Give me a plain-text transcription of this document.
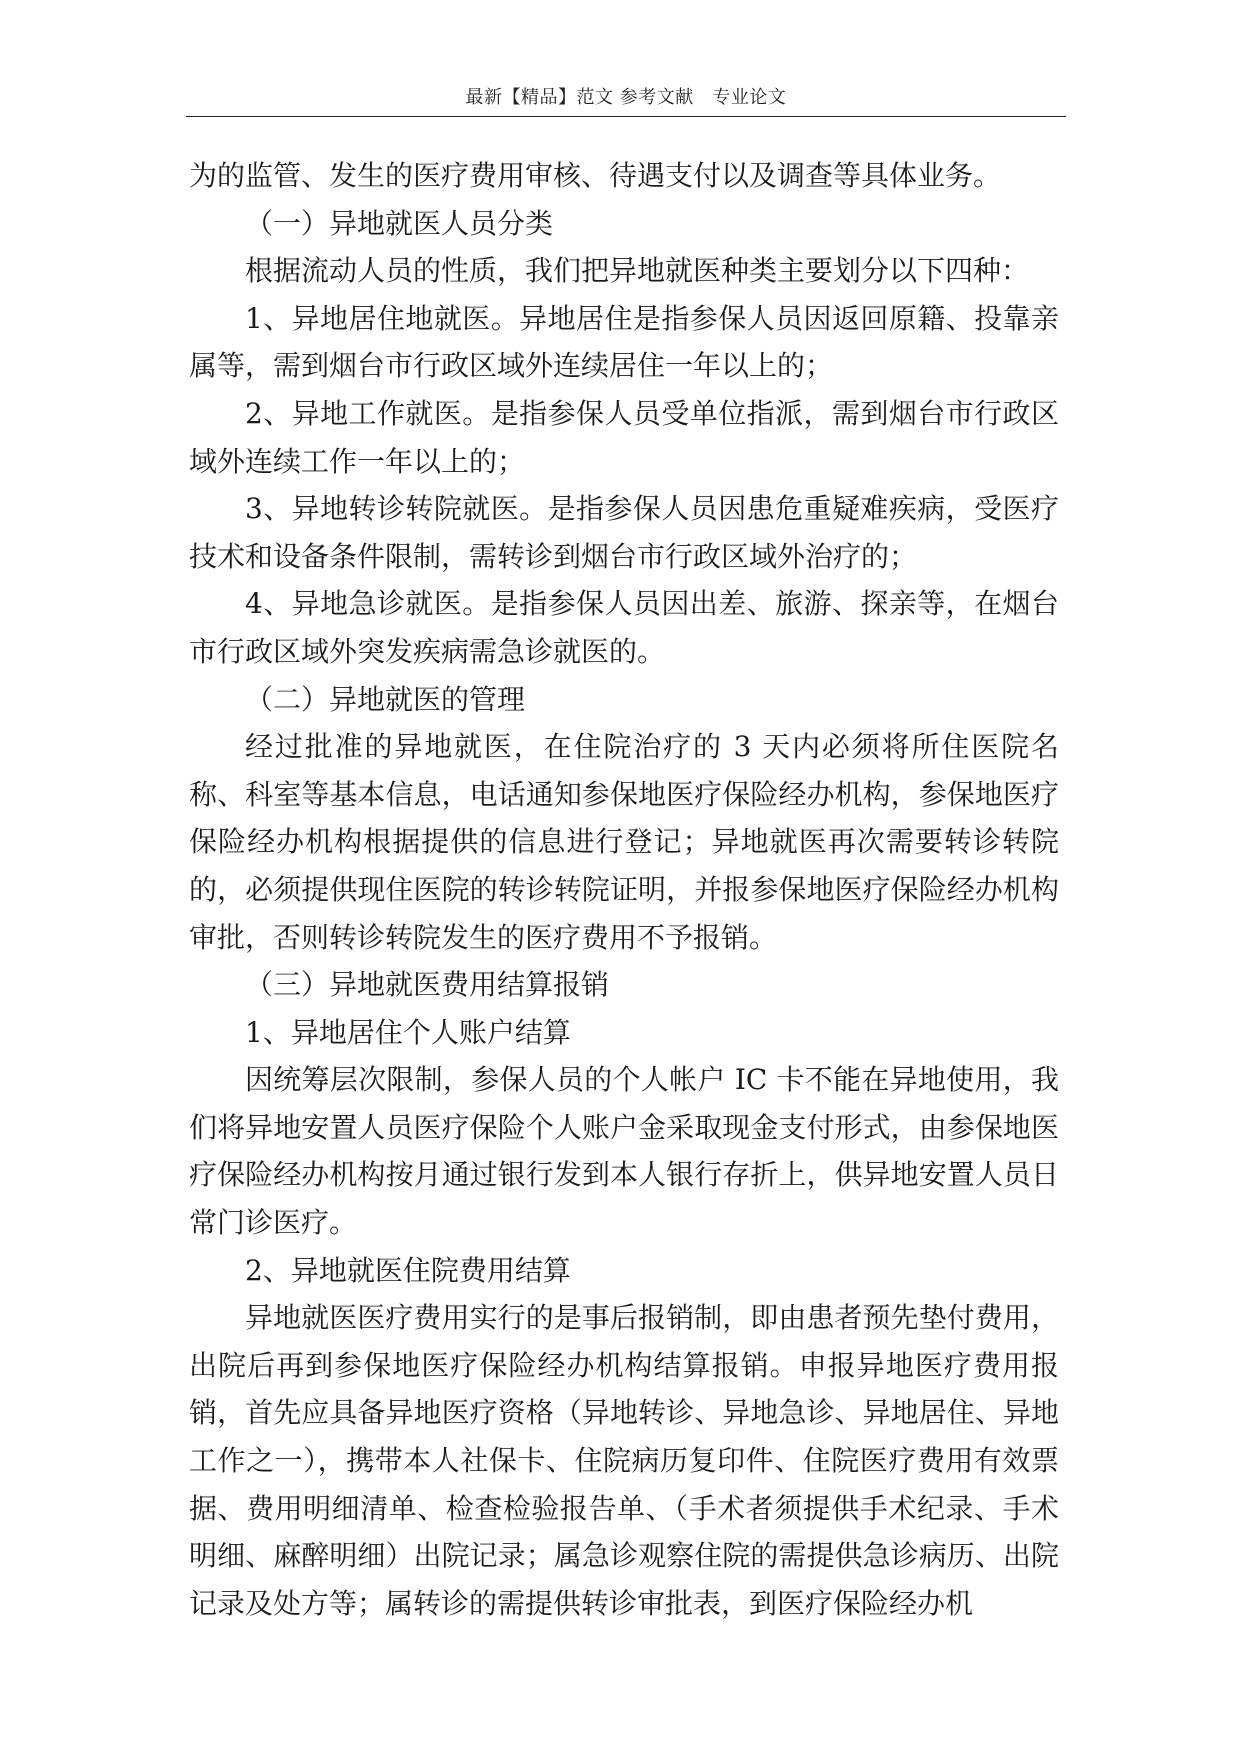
最新【精品】范文 参考文献   专业论文

为的监管、发生的医疗费用审核、待遇支付以及调查等具体业务。

（一）异地就医人员分类

根据流动人员的性质，我们把异地就医种类主要划分以下四种：

1、异地居住地就医。异地居住是指参保人员因返回原籍、投靠亲属等，需到烟台市行政区域外连续居住一年以上的；

2、异地工作就医。是指参保人员受单位指派，需到烟台市行政区域外连续工作一年以上的；

3、异地转诊转院就医。是指参保人员因患危重疑难疾病，受医疗技术和设备条件限制，需转诊到烟台市行政区域外治疗的；

4、异地急诊就医。是指参保人员因出差、旅游、探亲等，在烟台市行政区域外突发疾病需急诊就医的。

（二）异地就医的管理

经过批准的异地就医，在住院治疗的 3 天内必须将所住医院名称、科室等基本信息，电话通知参保地医疗保险经办机构，参保地医疗保险经办机构根据提供的信息进行登记；异地就医再次需要转诊转院的，必须提供现住医院的转诊转院证明，并报参保地医疗保险经办机构审批，否则转诊转院发生的医疗费用不予报销。

（三）异地就医费用结算报销

1、异地居住个人账户结算

因统筹层次限制，参保人员的个人帐户 IC 卡不能在异地使用，我们将异地安置人员医疗保险个人账户金采取现金支付形式，由参保地医疗保险经办机构按月通过银行发到本人银行存折上，供异地安置人员日常门诊医疗。

2、异地就医住院费用结算

异地就医医疗费用实行的是事后报销制，即由患者预先垫付费用，出院后再到参保地医疗保险经办机构结算报销。申报异地医疗费用报销，首先应具备异地医疗资格（异地转诊、异地急诊、异地居住、异地工作之一），携带本人社保卡、住院病历复印件、住院医疗费用有效票据、费用明细清单、检查检验报告单、（手术者须提供手术纪录、手术明细、麻醉明细）出院记录；属急诊观察住院的需提供急诊病历、出院记录及处方等；属转诊的需提供转诊审批表，到医疗保险经办机
